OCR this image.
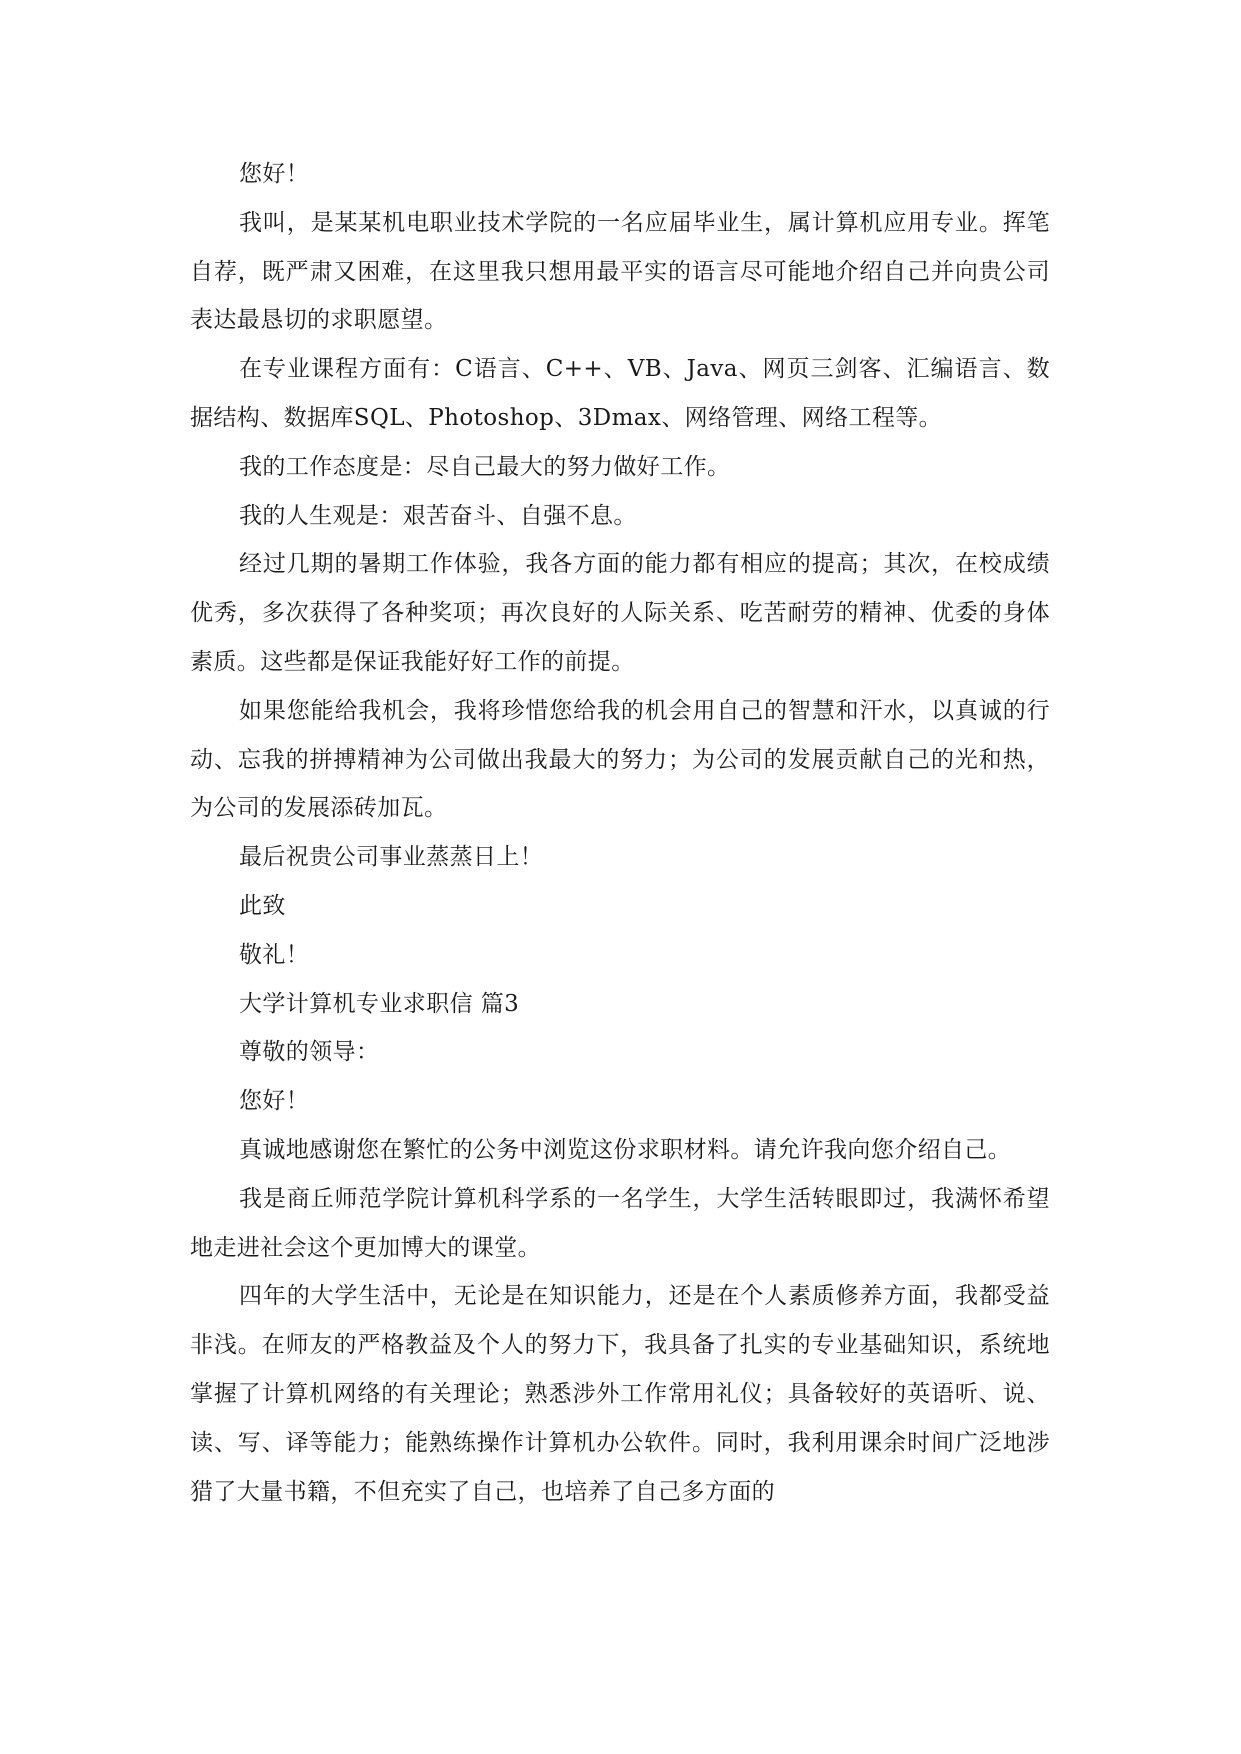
您好！

我叫，是某某机电职业技术学院的一名应届毕业生，属计算机应用专业。挥笔自荐，既严肃又困难，在这里我只想用最平实的语言尽可能地介绍自己并向贵公司表达最恳切的求职愿望。

在专业课程方面有：C语言、C++、VB、Java、网页三剑客、汇编语言、数据结构、数据库SQL、Photoshop、3Dmax、网络管理、网络工程等。

我的工作态度是：尽自己最大的努力做好工作。

我的人生观是：艰苦奋斗、自强不息。

经过几期的暑期工作体验，我各方面的能力都有相应的提高；其次，在校成绩优秀，多次获得了各种奖项；再次良好的人际关系、吃苦耐劳的精神、优委的身体素质。这些都是保证我能好好工作的前提。

如果您能给我机会，我将珍惜您给我的机会用自己的智慧和汗水，以真诚的行动、忘我的拼搏精神为公司做出我最大的努力；为公司的发展贡献自己的光和热，为公司的发展添砖加瓦。

最后祝贵公司事业蒸蒸日上！

此致

敬礼！

大学计算机专业求职信 篇3

尊敬的领导：

您好！

真诚地感谢您在繁忙的公务中浏览这份求职材料。请允许我向您介绍自己。

我是商丘师范学院计算机科学系的一名学生，大学生活转眼即过，我满怀希望地走进社会这个更加博大的课堂。

四年的大学生活中，无论是在知识能力，还是在个人素质修养方面，我都受益非浅。在师友的严格教益及个人的努力下，我具备了扎实的专业基础知识，系统地掌握了计算机网络的有关理论；熟悉涉外工作常用礼仪；具备较好的英语听、说、读、写、译等能力；能熟练操作计算机办公软件。同时，我利用课余时间广泛地涉猎了大量书籍，不但充实了自己，也培养了自己多方面的
